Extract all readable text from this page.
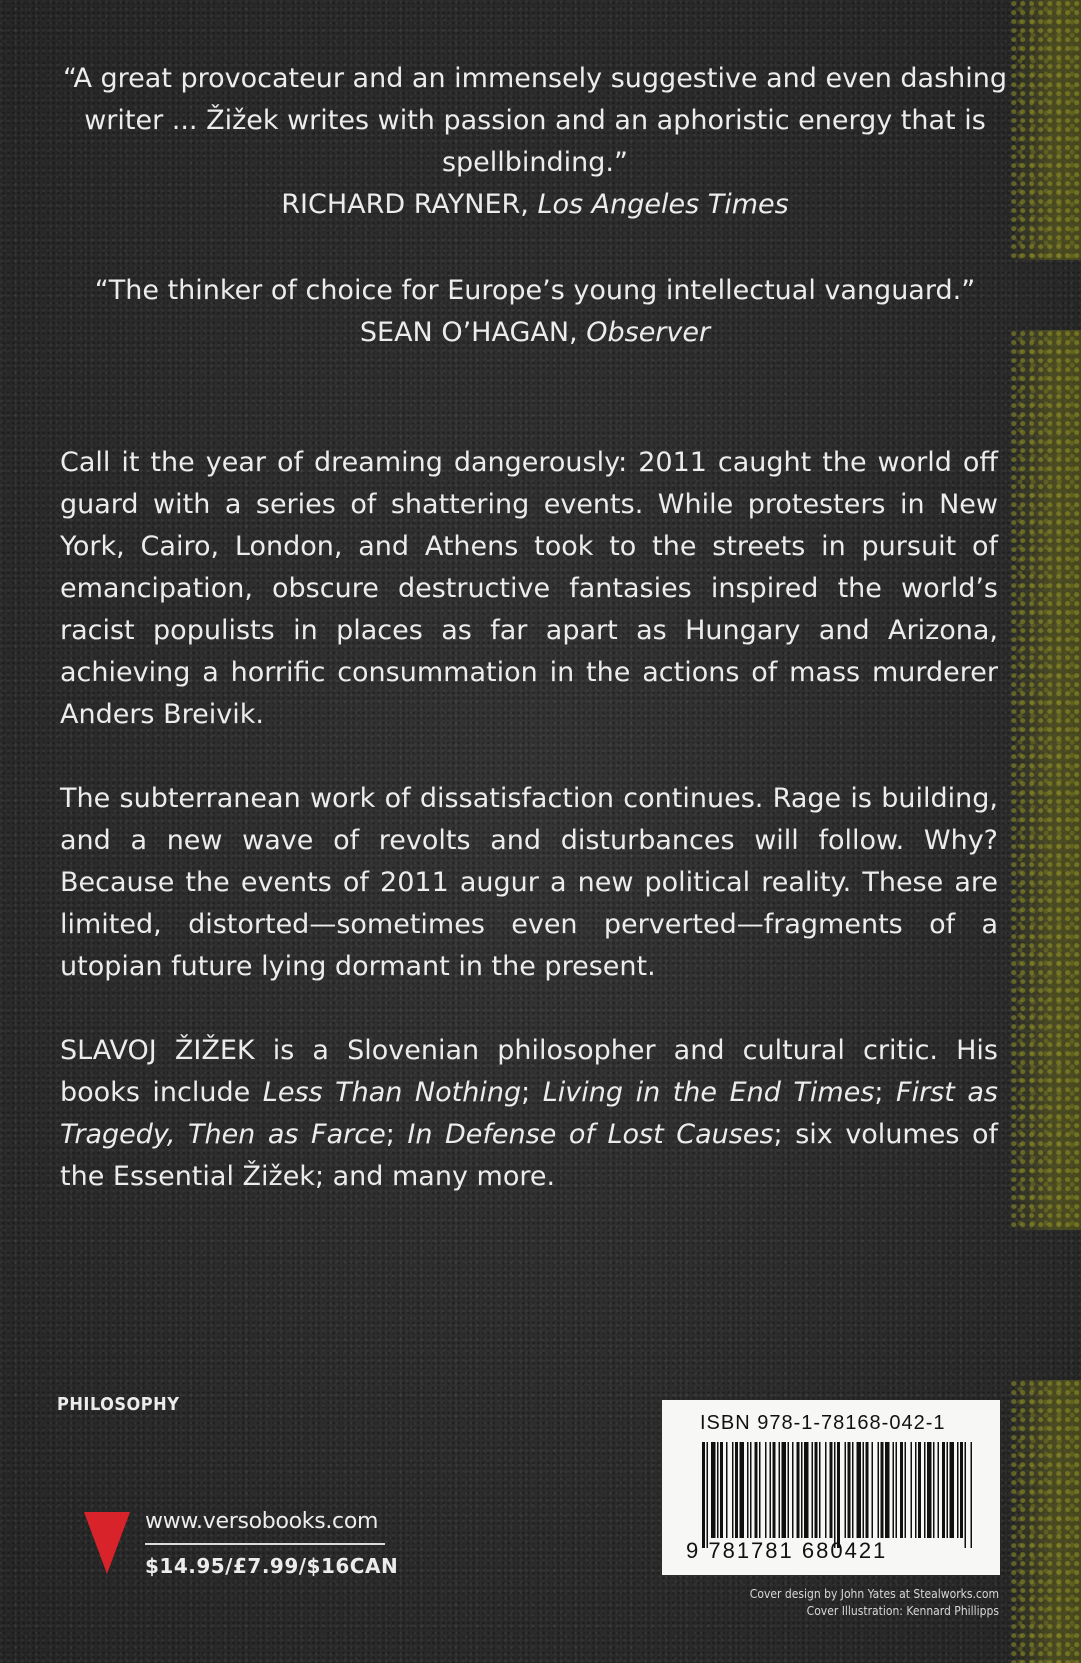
“A great provocateur and an immensely suggestive and even dashing writer ... Žižek writes with passion and an aphoristic energy that is spellbinding.”
RICHARD RAYNER, Los Angeles Times
“The thinker of choice for Europe’s young intellectual vanguard.”
SEAN O’HAGAN, Observer
Call it the year of dreaming dangerously: 2011 caught the world off guard with a series of shattering events. While protesters in New York, Cairo, London, and Athens took to the streets in pursuit of emancipation, obscure destructive fantasies inspired the world’s racist populists in places as far apart as Hungary and Arizona, achieving a horrific consummation in the actions of mass murderer Anders Breivik.
The subterranean work of dissatisfaction continues. Rage is building, and a new wave of revolts and disturbances will follow. Why? Because the events of 2011 augur a new political reality. These are limited, distorted—sometimes even perverted—fragments of a utopian future lying dormant in the present.
SLAVOJ ŽIŽEK is a Slovenian philosopher and cultural critic. His books include Less Than Nothing; Living in the End Times; First as Tragedy, Then as Farce; In Defense of Lost Causes; six volumes of the Essential Žižek; and many more.
PHILOSOPHY
www.versobooks.com
$14.95/£7.99/$16CAN
ISBN 978-1-78168-042-1
9 781781 680421
Cover design by John Yates at Stealworks.com
Cover Illustration: Kennard Phillipps
